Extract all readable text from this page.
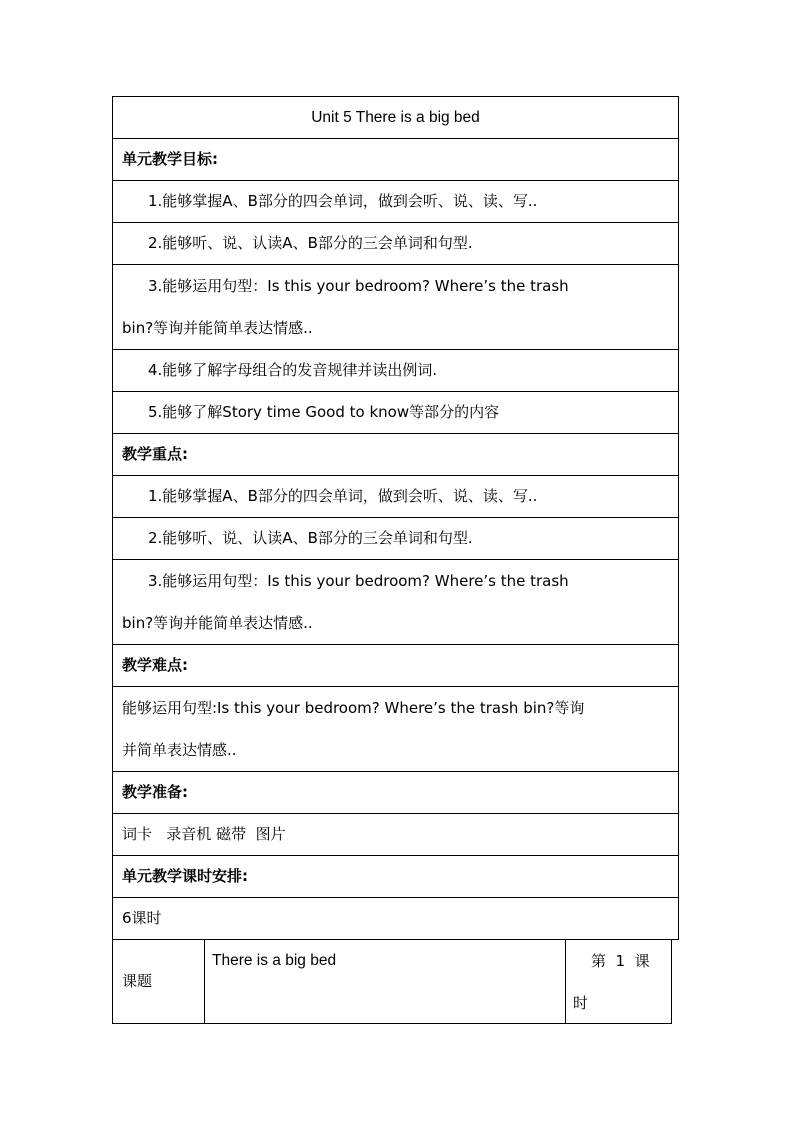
Unit 5 There is a big bed
单元教学目标:
1.能够掌握A、B部分的四会单词，做到会听、说、读、写..
2.能够听、说、认读A、B部分的三会单词和句型.
3.能够运用句型：Is this your bedroom? Where’s the trash
bin?等询并能简单表达情感..
4.能够了解字母组合的发音规律并读出例词.
5.能够了解Story time Good to know等部分的内容
教学重点:
1.能够掌握A、B部分的四会单词，做到会听、说、读、写..
2.能够听、说、认读A、B部分的三会单词和句型.
3.能够运用句型：Is this your bedroom? Where’s the trash
bin?等询并能简单表达情感..
教学难点:
能够运用句型:Is this your bedroom? Where’s the trash bin?等询
并简单表达情感..
教学准备:
词卡   录音机 磁带  图片
单元教学课时安排:
6课时
课题
There is a big bed	第  1  课
时
